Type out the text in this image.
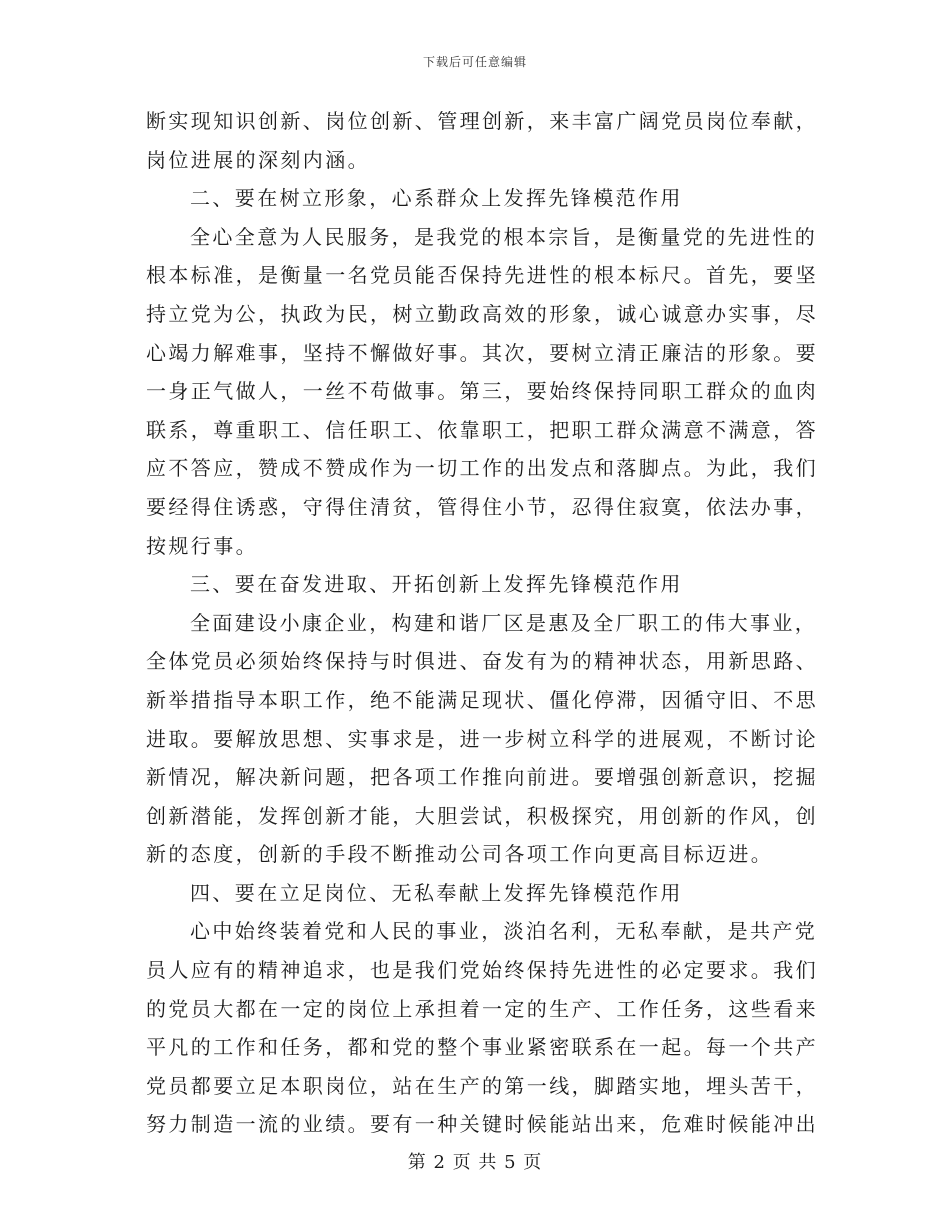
下载后可任意编辑
断实现知识创新、岗位创新、管理创新，来丰富广阔党员岗位奉献，
岗位进展的深刻内涵。
二、要在树立形象，心系群众上发挥先锋模范作用
全心全意为人民服务，是我党的根本宗旨，是衡量党的先进性的
根本标准，是衡量一名党员能否保持先进性的根本标尺。首先，要坚
持立党为公，执政为民，树立勤政高效的形象，诚心诚意办实事，尽
心竭力解难事，坚持不懈做好事。其次，要树立清正廉洁的形象。要
一身正气做人，一丝不苟做事。第三，要始终保持同职工群众的血肉
联系，尊重职工、信任职工、依靠职工，把职工群众满意不满意，答
应不答应，赞成不赞成作为一切工作的出发点和落脚点。为此，我们
要经得住诱惑，守得住清贫，管得住小节，忍得住寂寞，依法办事，
按规行事。
三、要在奋发进取、开拓创新上发挥先锋模范作用
全面建设小康企业，构建和谐厂区是惠及全厂职工的伟大事业，
全体党员必须始终保持与时俱进、奋发有为的精神状态，用新思路、
新举措指导本职工作，绝不能满足现状、僵化停滞，因循守旧、不思
进取。要解放思想、实事求是，进一步树立科学的进展观，不断讨论
新情况，解决新问题，把各项工作推向前进。要增强创新意识，挖掘
创新潜能，发挥创新才能，大胆尝试，积极探究，用创新的作风，创
新的态度，创新的手段不断推动公司各项工作向更高目标迈进。
四、要在立足岗位、无私奉献上发挥先锋模范作用
心中始终装着党和人民的事业，淡泊名利，无私奉献，是共产党
员人应有的精神追求，也是我们党始终保持先进性的必定要求。我们
的党员大都在一定的岗位上承担着一定的生产、工作任务，这些看来
平凡的工作和任务，都和党的整个事业紧密联系在一起。每一个共产
党员都要立足本职岗位，站在生产的第一线，脚踏实地，埋头苦干，
努力制造一流的业绩。要有一种关键时候能站出来，危难时候能冲出
第 2 页 共 5 页
